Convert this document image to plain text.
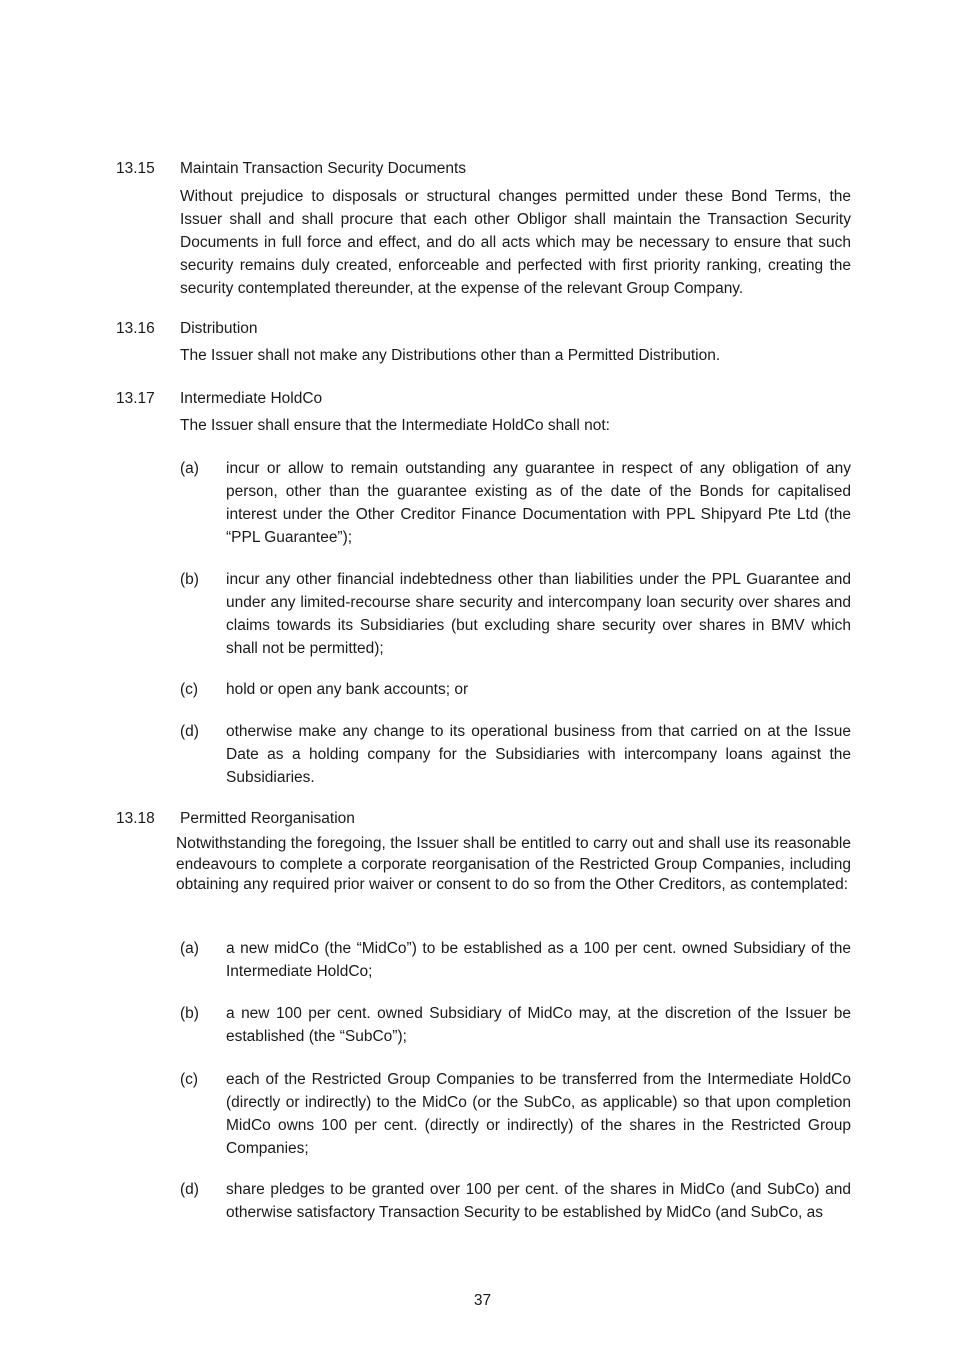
13.15 Maintain Transaction Security Documents

Without prejudice to disposals or structural changes permitted under these Bond Terms, the Issuer shall and shall procure that each other Obligor shall maintain the Transaction Security Documents in full force and effect, and do all acts which may be necessary to ensure that such security remains duly created, enforceable and perfected with first priority ranking, creating the security contemplated thereunder, at the expense of the relevant Group Company.

13.16 Distribution

The Issuer shall not make any Distributions other than a Permitted Distribution.

13.17 Intermediate HoldCo

The Issuer shall ensure that the Intermediate HoldCo shall not:

(a) incur or allow to remain outstanding any guarantee in respect of any obligation of any person, other than the guarantee existing as of the date of the Bonds for capitalised interest under the Other Creditor Finance Documentation with PPL Shipyard Pte Ltd (the “PPL Guarantee”);

(b) incur any other financial indebtedness other than liabilities under the PPL Guarantee and under any limited-recourse share security and intercompany loan security over shares and claims towards its Subsidiaries (but excluding share security over shares in BMV which shall not be permitted);

(c) hold or open any bank accounts; or

(d) otherwise make any change to its operational business from that carried on at the Issue Date as a holding company for the Subsidiaries with intercompany loans against the Subsidiaries.

13.18 Permitted Reorganisation

Notwithstanding the foregoing, the Issuer shall be entitled to carry out and shall use its reasonable endeavours to complete a corporate reorganisation of the Restricted Group Companies, including obtaining any required prior waiver or consent to do so from the Other Creditors, as contemplated:

(a) a new midCo (the “MidCo”) to be established as a 100 per cent. owned Subsidiary of the Intermediate HoldCo;

(b) a new 100 per cent. owned Subsidiary of MidCo may, at the discretion of the Issuer be established (the “SubCo”);

(c) each of the Restricted Group Companies to be transferred from the Intermediate HoldCo (directly or indirectly) to the MidCo (or the SubCo, as applicable) so that upon completion MidCo owns 100 per cent. (directly or indirectly) of the shares in the Restricted Group Companies;

(d) share pledges to be granted over 100 per cent. of the shares in MidCo (and SubCo) and otherwise satisfactory Transaction Security to be established by MidCo (and SubCo, as

37
